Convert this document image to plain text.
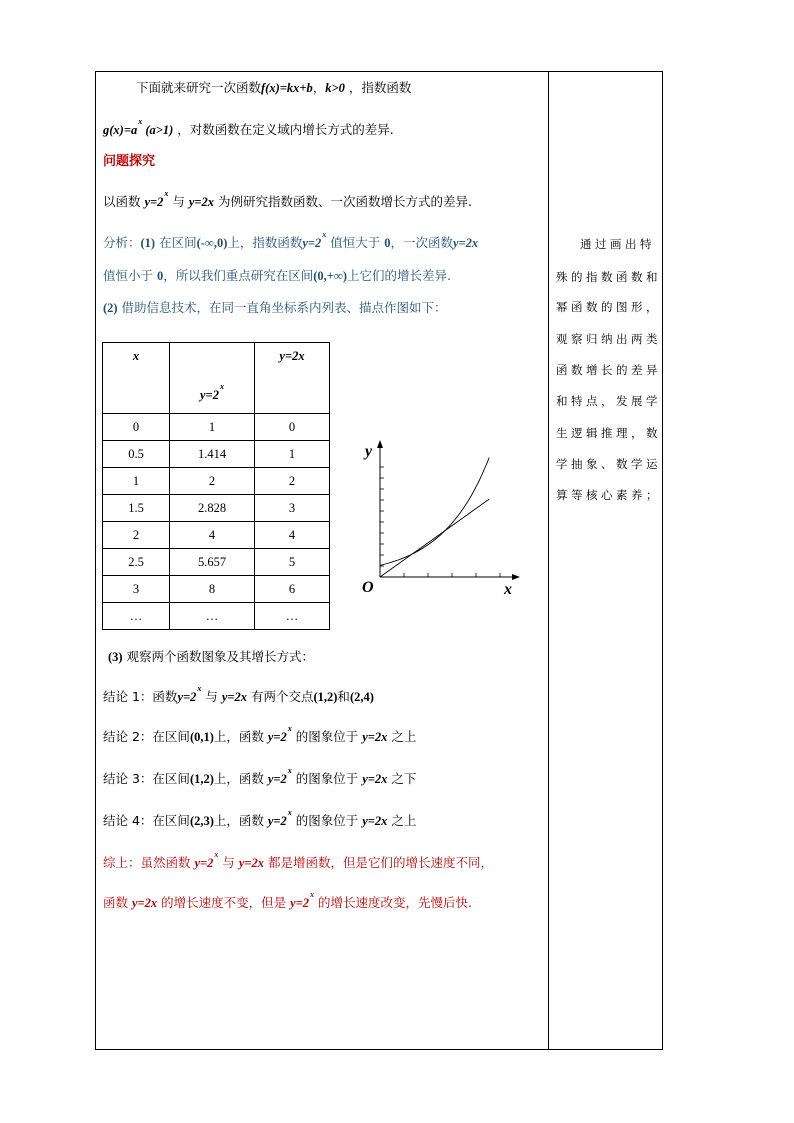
下面就来研究一次函数f(x)=kx+b，k>0 ，指数函数
$g(x)=a^x$ (a>1) ，对数函数在定义域内增长方式的差异.
问题探究
以函数 $y=2^x$ 与 y=2x 为例研究指数函数、一次函数增长方式的差异.
分析：(1) 在区间(-∞,0)上，指数函数$y=2^x$ 值恒大于 0，一次函数y=2x
值恒小于 0，所以我们重点研究在区间(0,+∞)上它们的增长差异.
(2) 借助信息技术，在同一直角坐标系内列表、描点作图如下：
x	$y=2^x$	y=2x
0	1	0
0.5	1.414	1
1	2	2
1.5	2.828	3
2	4	4
2.5	5.657	5
3	8	6
…	…	…
y
x
O
(3) 观察两个函数图象及其增长方式：
结论 1：函数$y=2^x$ 与 y=2x 有两个交点(1,2)和(2,4)
结论 2：在区间(0,1)上，函数 $y=2^x$ 的图象位于 y=2x 之上
结论 3：在区间(1,2)上，函数 $y=2^x$ 的图象位于 y=2x 之下
结论 4：在区间(2,3)上，函数 $y=2^x$ 的图象位于 y=2x 之上
综上：虽然函数 $y=2^x$ 与 y=2x 都是增函数，但是它们的增长速度不同，
函数 y=2x 的增长速度不变，但是 $y=2^x$ 的增长速度改变，先慢后快.
通过画出特
殊的指数函数和
幂函数的图形，
观察归纳出两类
函数增长的差异
和特点，发展学
生逻辑推理，数
学抽象、数学运
算等核心素养；
